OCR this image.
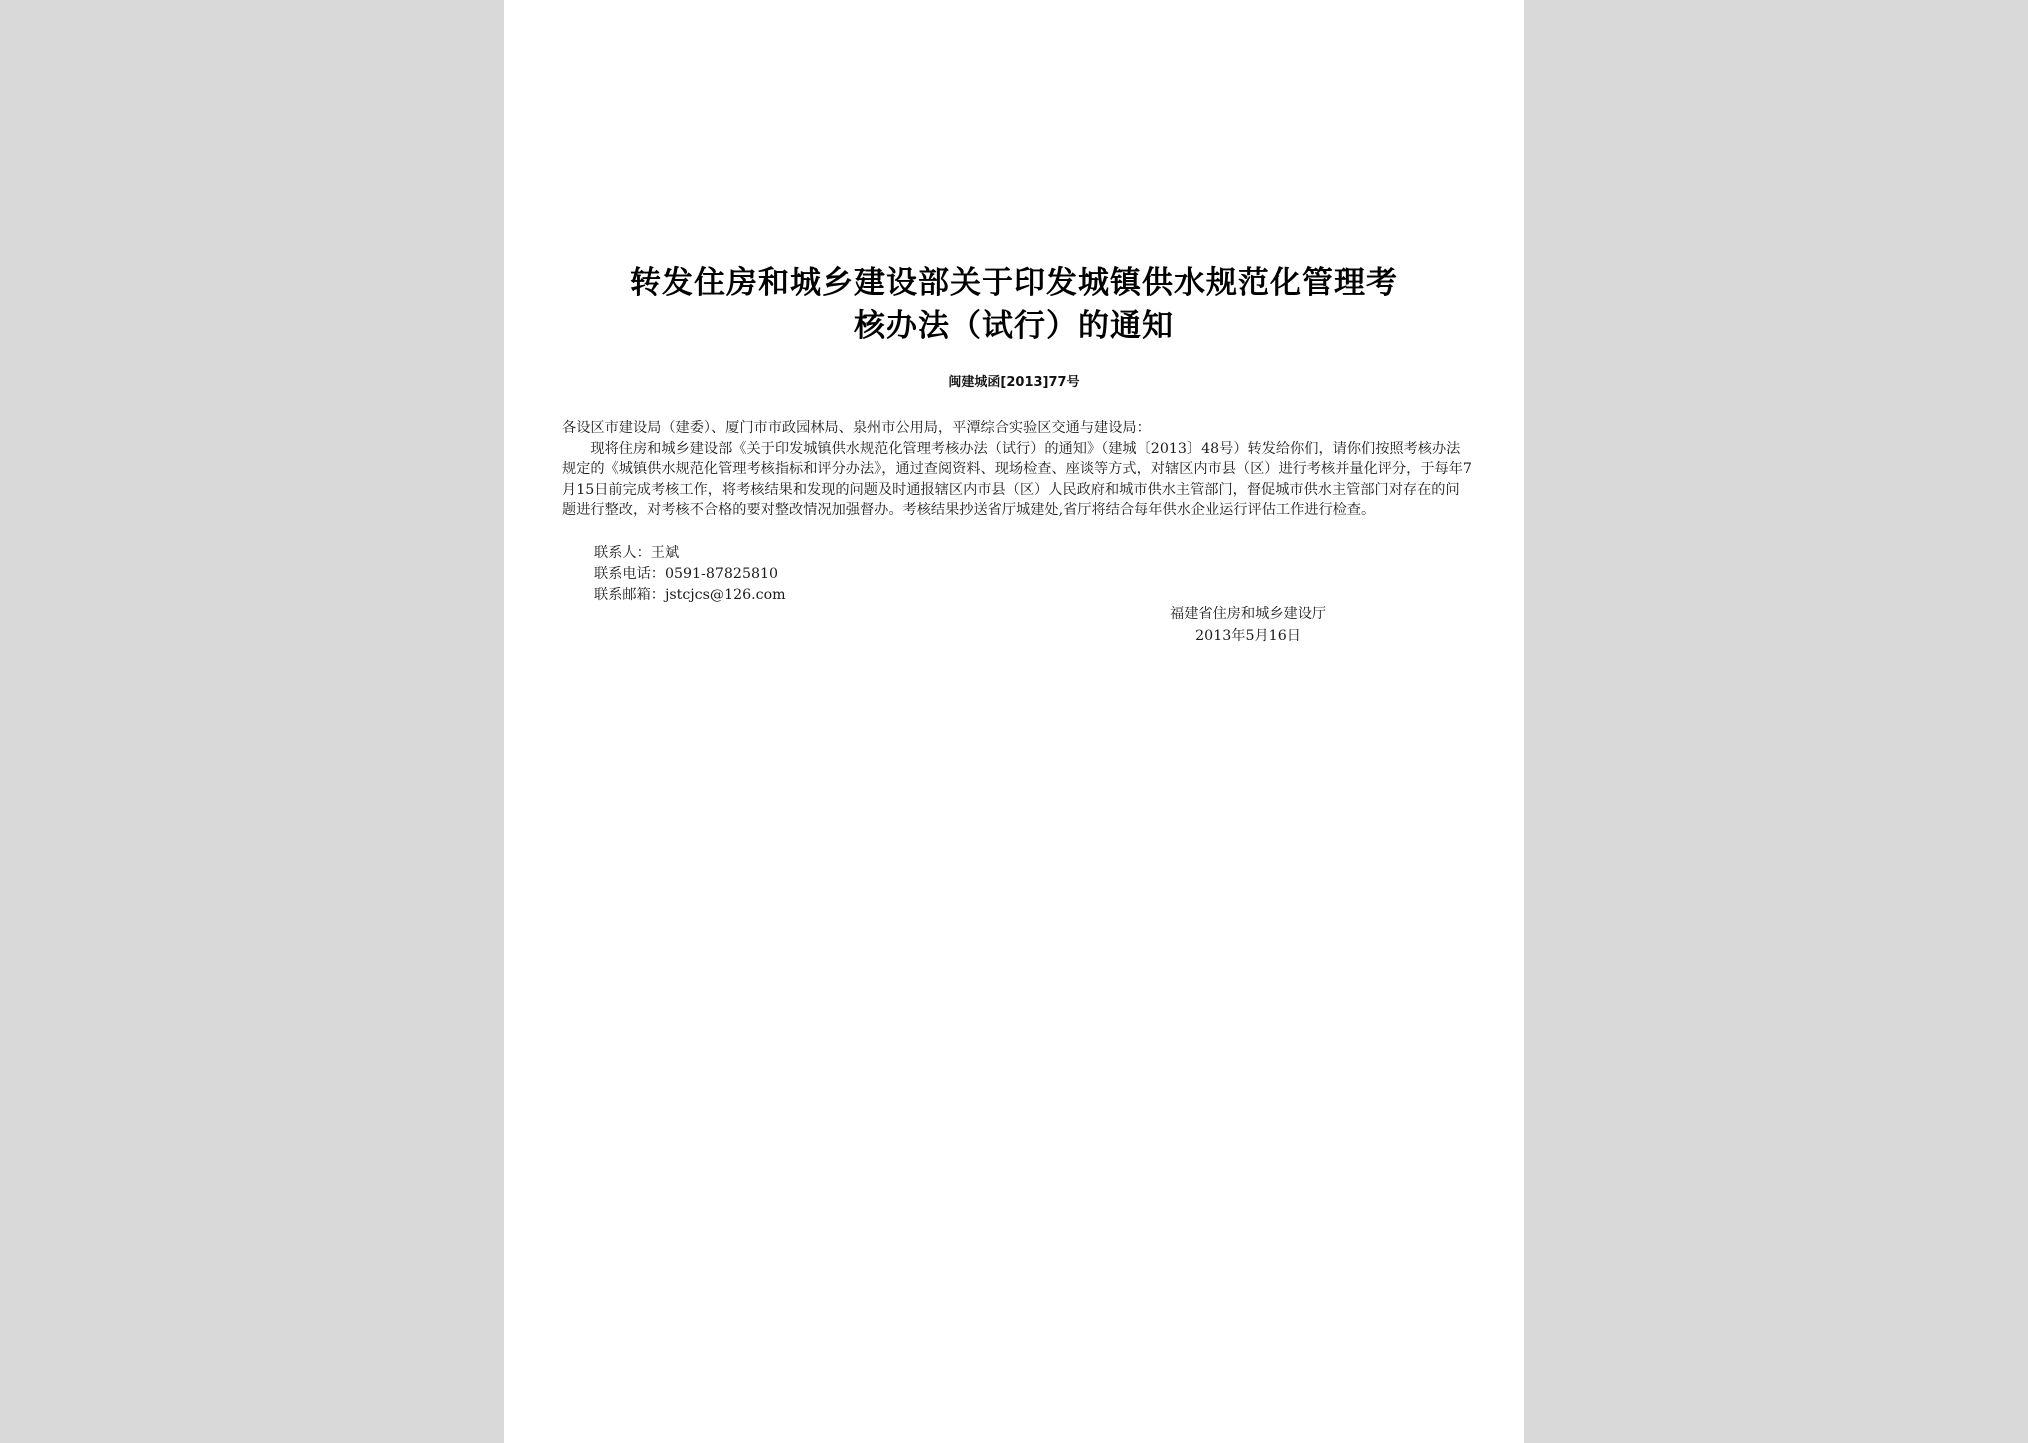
转发住房和城乡建设部关于印发城镇供水规范化管理考
核办法（试行）的通知
闽建城函[2013]77号

各设区市建设局（建委）、厦门市市政园林局、泉州市公用局，平潭综合实验区交通与建设局：

现将住房和城乡建设部《关于印发城镇供水规范化管理考核办法（试行）的通知》（建城〔2013〕48号）转发给你们，请你们按照考核办法规定的《城镇供水规范化管理考核指标和评分办法》，通过查阅资料、现场检查、座谈等方式，对辖区内市县（区）进行考核并量化评分，于每年7月15日前完成考核工作，将考核结果和发现的问题及时通报辖区内市县（区）人民政府和城市供水主管部门，督促城市供水主管部门对存在的问题进行整改，对考核不合格的要对整改情况加强督办。考核结果抄送省厅城建处,省厅将结合每年供水企业运行评估工作进行检查。

联系人：王斌
联系电话：0591-87825810
联系邮箱：jstcjcs@126.com
福建省住房和城乡建设厅
2013年5月16日
